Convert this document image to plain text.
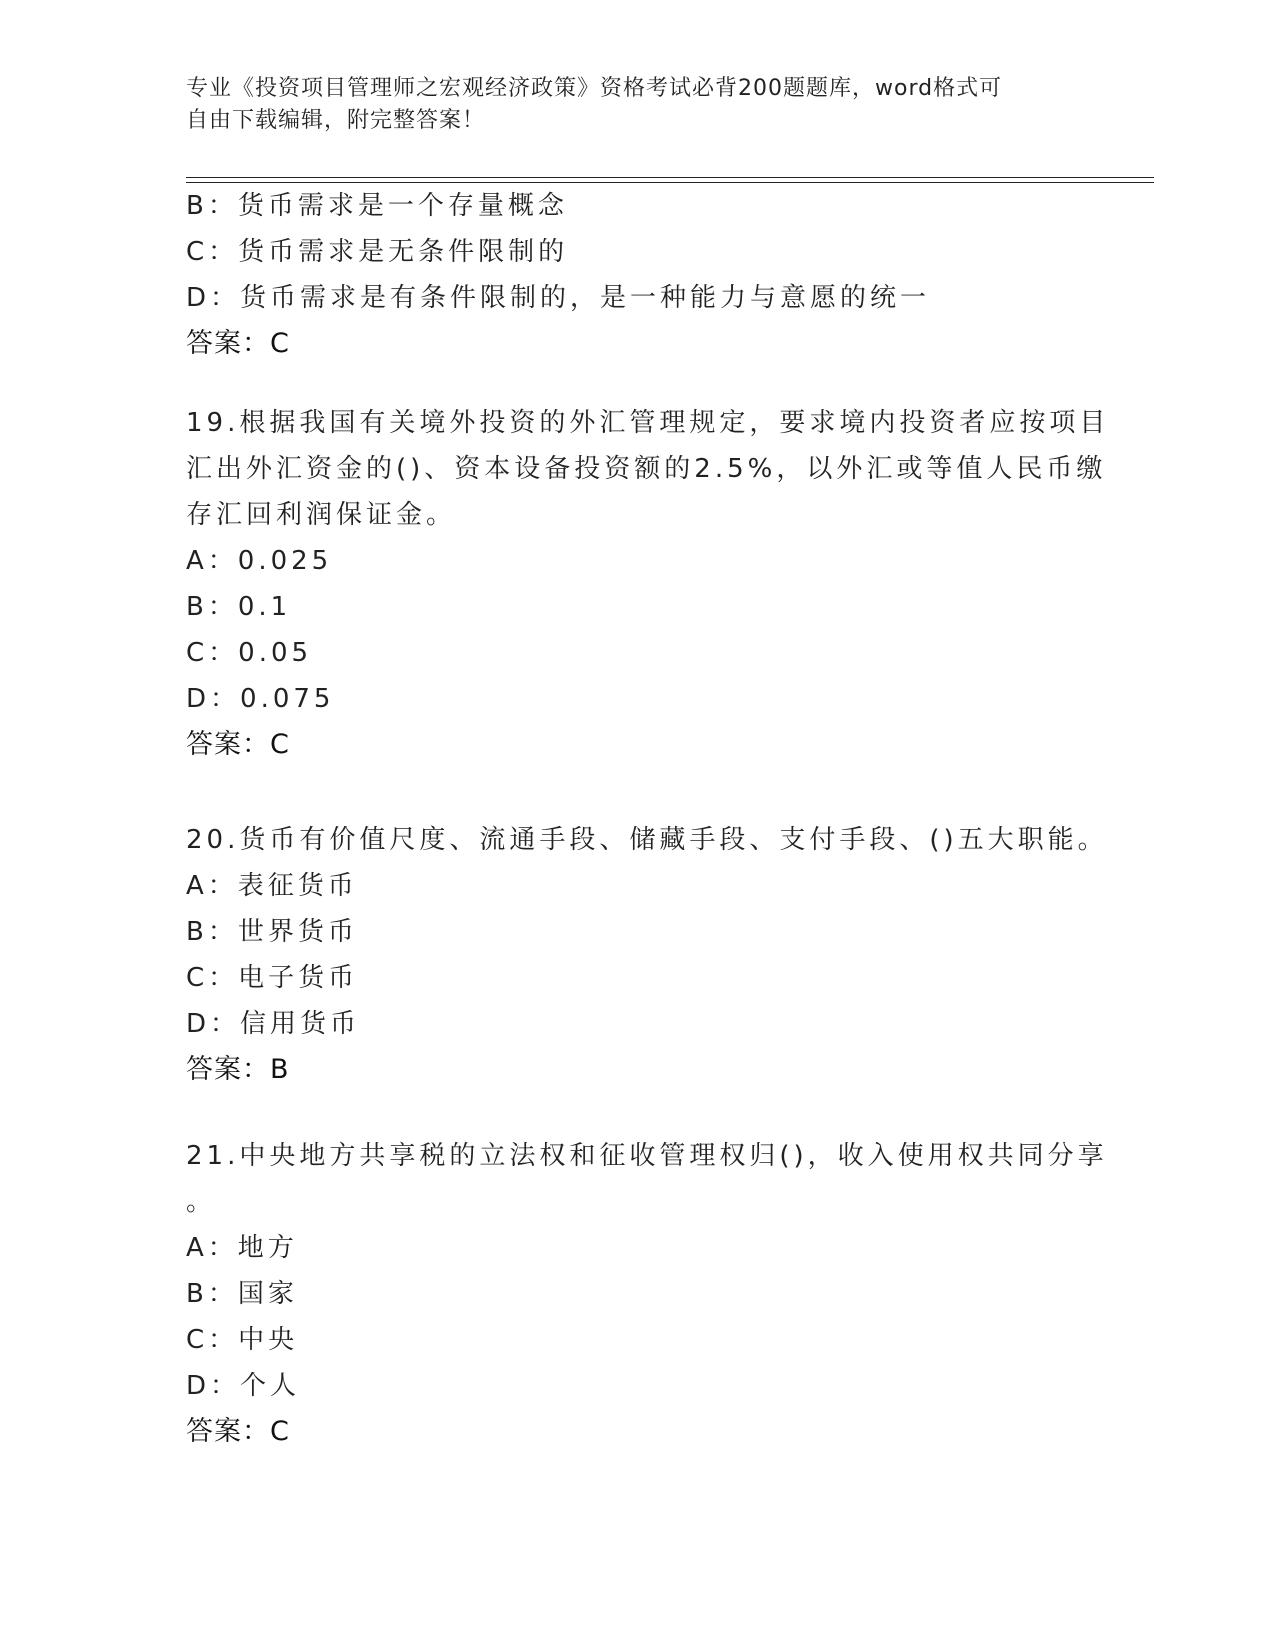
专业《投资项目管理师之宏观经济政策》资格考试必背200题题库，word格式可
自由下载编辑，附完整答案！
B：货币需求是一个存量概念
C：货币需求是无条件限制的
D：货币需求是有条件限制的，是一种能力与意愿的统一
答案：C
19.根据我国有关境外投资的外汇管理规定，要求境内投资者应按项目
汇出外汇资金的()、资本设备投资额的2.5%，以外汇或等值人民币缴
存汇回利润保证金。
A：0.025
B：0.1
C：0.05
D：0.075
答案：C
20.货币有价值尺度、流通手段、储藏手段、支付手段、()五大职能。
A：表征货币
B：世界货币
C：电子货币
D：信用货币
答案：B
21.中央地方共享税的立法权和征收管理权归()，收入使用权共同分享
。
A：地方
B：国家
C：中央
D：个人
答案：C
